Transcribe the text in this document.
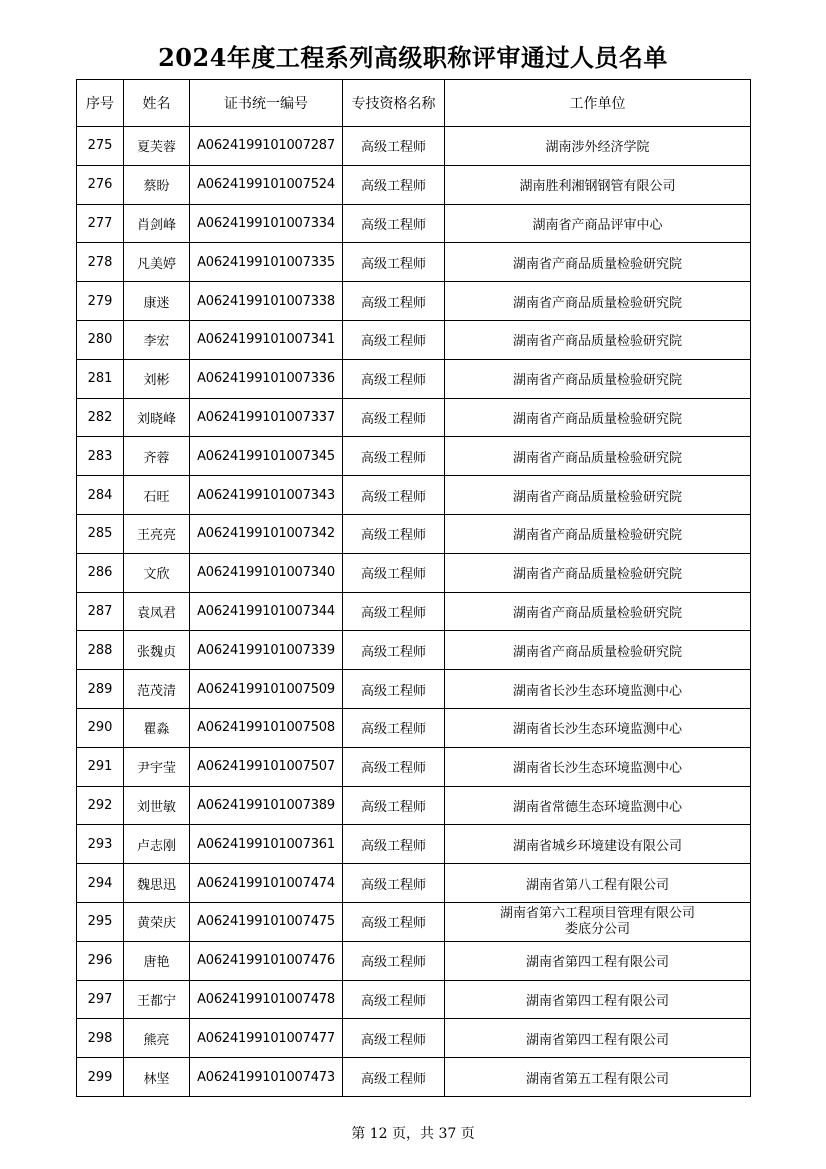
2024年度工程系列高级职称评审通过人员名单
序号	姓名	证书统一编号	专技资格名称	工作单位
275	夏芙蓉	A0624199101007287	高级工程师	湖南涉外经济学院
276	蔡盼	A0624199101007524	高级工程师	湖南胜利湘钢钢管有限公司
277	肖剑峰	A0624199101007334	高级工程师	湖南省产商品评审中心
278	凡美婷	A0624199101007335	高级工程师	湖南省产商品质量检验研究院
279	康迷	A0624199101007338	高级工程师	湖南省产商品质量检验研究院
280	李宏	A0624199101007341	高级工程师	湖南省产商品质量检验研究院
281	刘彬	A0624199101007336	高级工程师	湖南省产商品质量检验研究院
282	刘晓峰	A0624199101007337	高级工程师	湖南省产商品质量检验研究院
283	齐蓉	A0624199101007345	高级工程师	湖南省产商品质量检验研究院
284	石旺	A0624199101007343	高级工程师	湖南省产商品质量检验研究院
285	王亮亮	A0624199101007342	高级工程师	湖南省产商品质量检验研究院
286	文欣	A0624199101007340	高级工程师	湖南省产商品质量检验研究院
287	袁凤君	A0624199101007344	高级工程师	湖南省产商品质量检验研究院
288	张魏贞	A0624199101007339	高级工程师	湖南省产商品质量检验研究院
289	范茂清	A0624199101007509	高级工程师	湖南省长沙生态环境监测中心
290	瞿淼	A0624199101007508	高级工程师	湖南省长沙生态环境监测中心
291	尹宇莹	A0624199101007507	高级工程师	湖南省长沙生态环境监测中心
292	刘世敏	A0624199101007389	高级工程师	湖南省常德生态环境监测中心
293	卢志刚	A0624199101007361	高级工程师	湖南省城乡环境建设有限公司
294	魏思迅	A0624199101007474	高级工程师	湖南省第八工程有限公司
295	黄荣庆	A0624199101007475	高级工程师	湖南省第六工程项目管理有限公司
娄底分公司
296	唐艳	A0624199101007476	高级工程师	湖南省第四工程有限公司
297	王都宁	A0624199101007478	高级工程师	湖南省第四工程有限公司
298	熊亮	A0624199101007477	高级工程师	湖南省第四工程有限公司
299	林坚	A0624199101007473	高级工程师	湖南省第五工程有限公司
第 12 页，共 37 页
